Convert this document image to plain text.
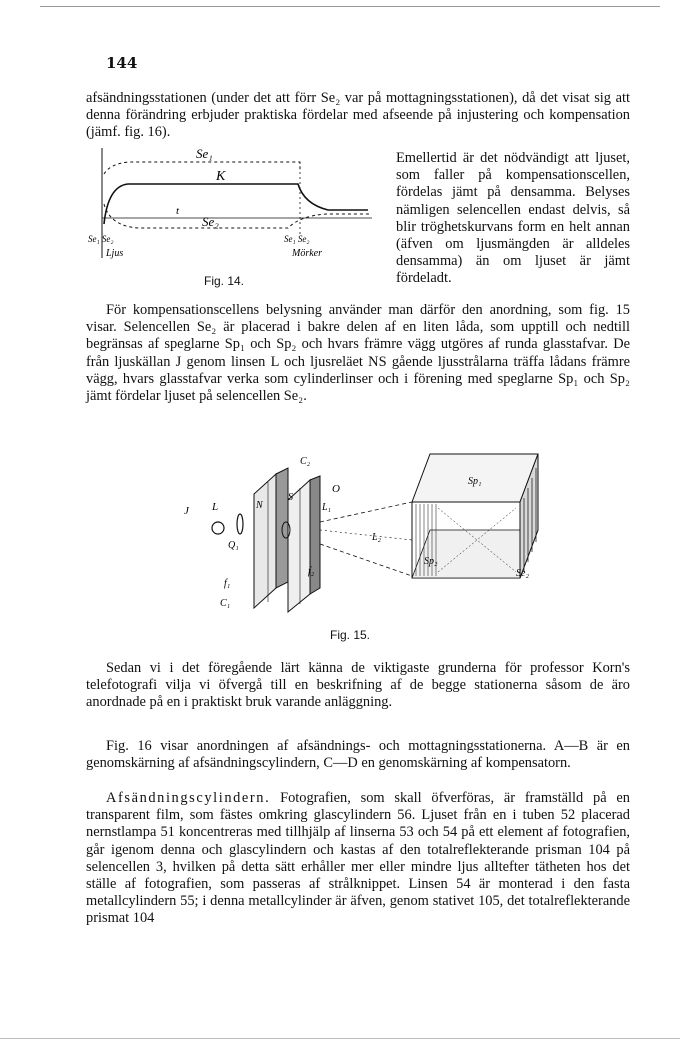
144

afsändningsstationen (under det att förr Se₂ var på mottagningsstationen), då det visat sig att denna förändring erbjuder praktiska fördelar med afseende på injustering och kompensation (jämf. fig. 16).

Se₁
K
t
Se₂
Se₁ Se₂
Ljus
Se₁ Se₂
Mörker
Fig. 14.

Emellertid är det nödvändigt att ljuset, som faller på kompensationscellen, fördelas jämt på densamma. Belyses nämligen selencellen endast delvis, så blir tröghetskurvans form en helt annan (äfven om ljusmängden är alldeles densamma) än om ljuset är jämt fördeladt.

För kompensationscellens belysning använder man därför den anordning, som fig. 15 visar. Selencellen Se₂ är placerad i bakre delen af en liten låda, som upptill och nedtill begränsas af speglarne Sp₁ och Sp₂ och hvars främre vägg utgöres af runda glasstafvar. De från ljuskällan J genom linsen L och ljusreläet NS gående ljusstrålarna träffa lådans främre vägg, hvars glasstafvar verka som cylinderlinser och i förening med speglarne Sp₁ och Sp₂ jämt fördelar ljuset på selencellen Se₂.

C₂
O
J L	N
S
L₁
L₂
Q₁
f₁
f₂
C₁
Sp₁
Sp₂
Se₂
Fig. 15.

Sedan vi i det föregående lärt känna de viktigaste grunderna för professor Korn's telefotografi vilja vi öfvergå till en beskrifning af de begge stationerna såsom de äro anordnade på en i praktiskt bruk varande anläggning.

Fig. 16 visar anordningen af afsändnings- och mottagningsstationerna. A—B är en genomskärning af afsändningscylindern, C—D en genomskärning af kompensatorn.

Afsändningscylindern. Fotografien, som skall öfverföras, är framställd på en transparent film, som fästes omkring glascylindern 56. Ljuset från en i tuben 52 placerad nernstlampa 51 koncentreras med tillhjälp af linserna 53 och 54 på ett element af fotografien, går igenom denna och glascylindern och kastas af den totalreflekterande prisman 104 på selencellen 3, hvilken på detta sätt erhåller mer eller mindre ljus alltefter tätheten hos det ställe af fotografien, som passeras af strålknippet. Linsen 54 är monterad i den fasta metallcylindern 55; i denna metallcylinder är äfven, genom stativet 105, det totalreflekterande prismat 104
